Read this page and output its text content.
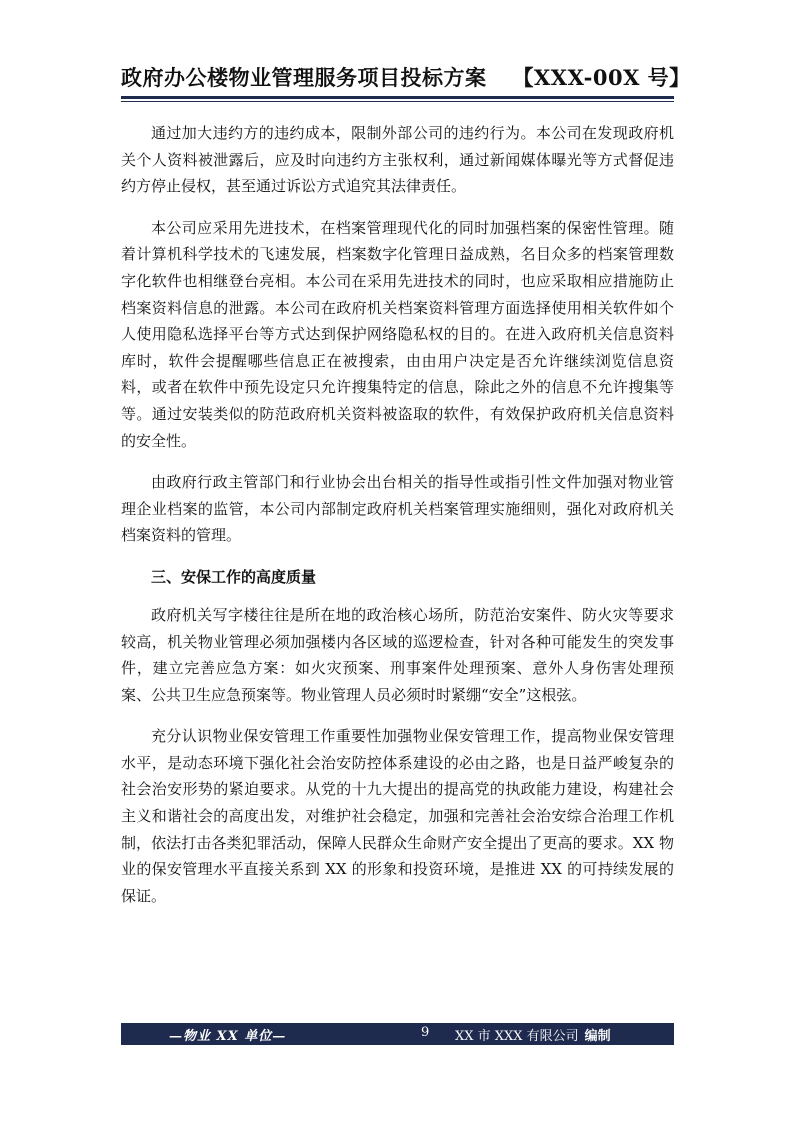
政府办公楼物业管理服务项目投标方案 【XXX-00X 号】

通过加大违约方的违约成本，限制外部公司的违约行为。本公司在发现政府机关个人资料被泄露后，应及时向违约方主张权利，通过新闻媒体曝光等方式督促违约方停止侵权，甚至通过诉讼方式追究其法律责任。

本公司应采用先进技术，在档案管理现代化的同时加强档案的保密性管理。随着计算机科学技术的飞速发展，档案数字化管理日益成熟，名目众多的档案管理数字化软件也相继登台亮相。本公司在采用先进技术的同时，也应采取相应措施防止档案资料信息的泄露。本公司在政府机关档案资料管理方面选择使用相关软件如个人使用隐私选择平台等方式达到保护网络隐私权的目的。在进入政府机关信息资料库时，软件会提醒哪些信息正在被搜索，由由用户决定是否允许继续浏览信息资料，或者在软件中预先设定只允许搜集特定的信息，除此之外的信息不允许搜集等等。通过安装类似的防范政府机关资料被盗取的软件，有效保护政府机关信息资料的安全性。

由政府行政主管部门和行业协会出台相关的指导性或指引性文件加强对物业管理企业档案的监管，本公司内部制定政府机关档案管理实施细则，强化对政府机关档案资料的管理。

三、安保工作的高度质量

政府机关写字楼往往是所在地的政治核心场所，防范治安案件、防火灾等要求较高，机关物业管理必须加强楼内各区域的巡逻检查，针对各种可能发生的突发事件，建立完善应急方案：如火灾预案、刑事案件处理预案、意外人身伤害处理预案、公共卫生应急预案等。物业管理人员必须时时紧绷“安全”这根弦。

充分认识物业保安管理工作重要性加强物业保安管理工作，提高物业保安管理水平，是动态环境下强化社会治安防控体系建设的必由之路，也是日益严峻复杂的社会治安形势的紧迫要求。从党的十九大提出的提高党的执政能力建设，构建社会主义和谐社会的高度出发，对维护社会稳定，加强和完善社会治安综合治理工作机制，依法打击各类犯罪活动，保障人民群众生命财产安全提出了更高的要求。XX 物业的保安管理水平直接关系到 XX 的形象和投资环境，是推进 XX 的可持续发展的保证。

—物业 XX 单位—	9 XX 市 XXX 有限公司 编制
